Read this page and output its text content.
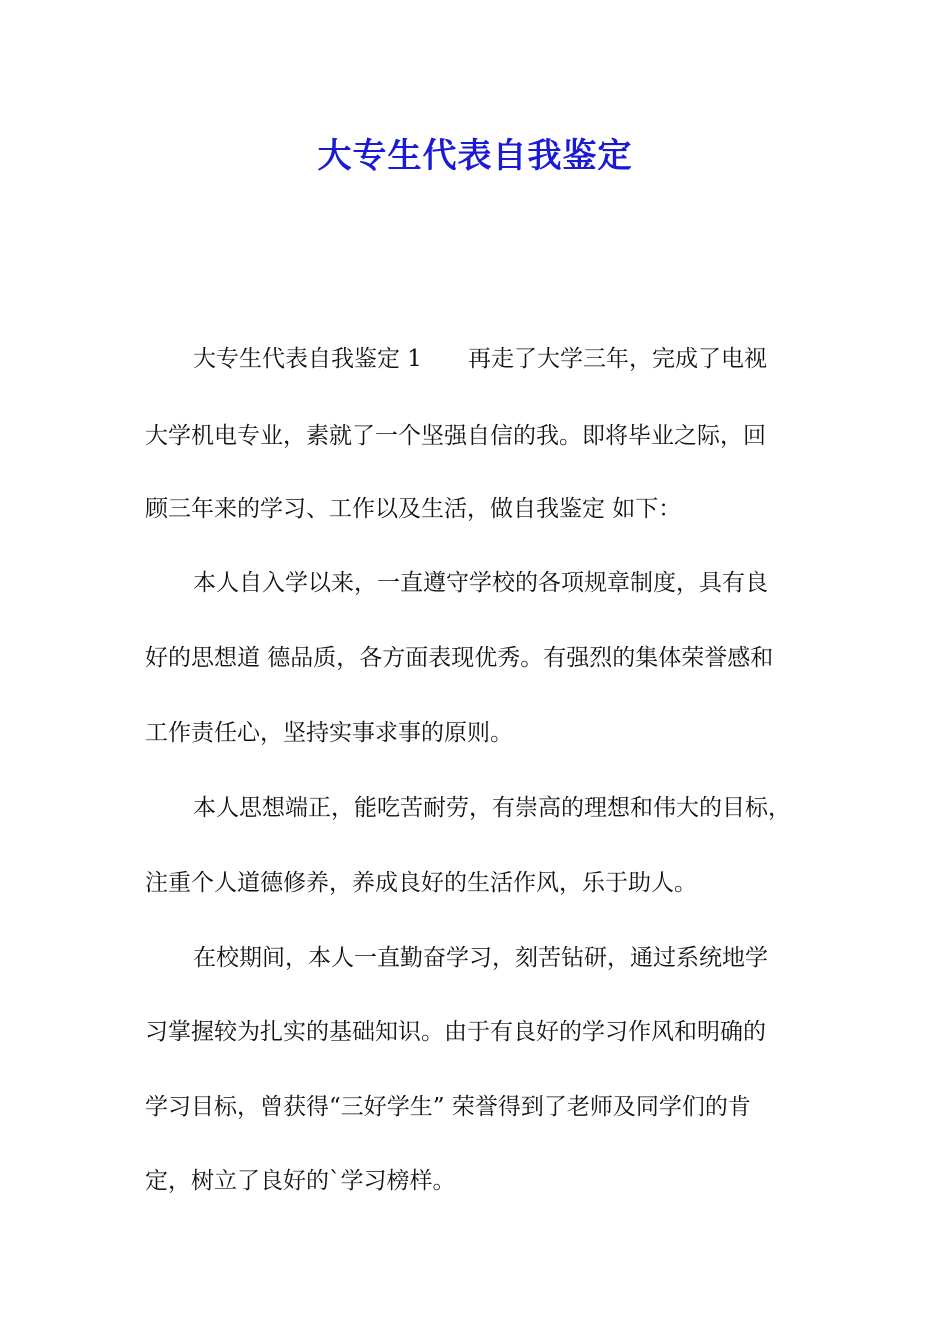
大专生代表自我鉴定

大专生代表自我鉴定 1　　再走了大学三年，完成了电视

大学机电专业，素就了一个坚强自信的我。即将毕业之际，回

顾三年来的学习、工作以及生活，做自我鉴定 如下：

本人自入学以来，一直遵守学校的各项规章制度，具有良

好的思想道 德品质，各方面表现优秀。有强烈的集体荣誉感和

工作责任心，坚持实事求事的原则。

本人思想端正，能吃苦耐劳，有崇高的理想和伟大的目标，

注重个人道德修养，养成良好的生活作风，乐于助人。

在校期间，本人一直勤奋学习，刻苦钻研，通过系统地学

习掌握较为扎实的基础知识。由于有良好的学习作风和明确的

学习目标，曾获得“三好学生” 荣誉得到了老师及同学们的肯

定，树立了良好的`学习榜样。
